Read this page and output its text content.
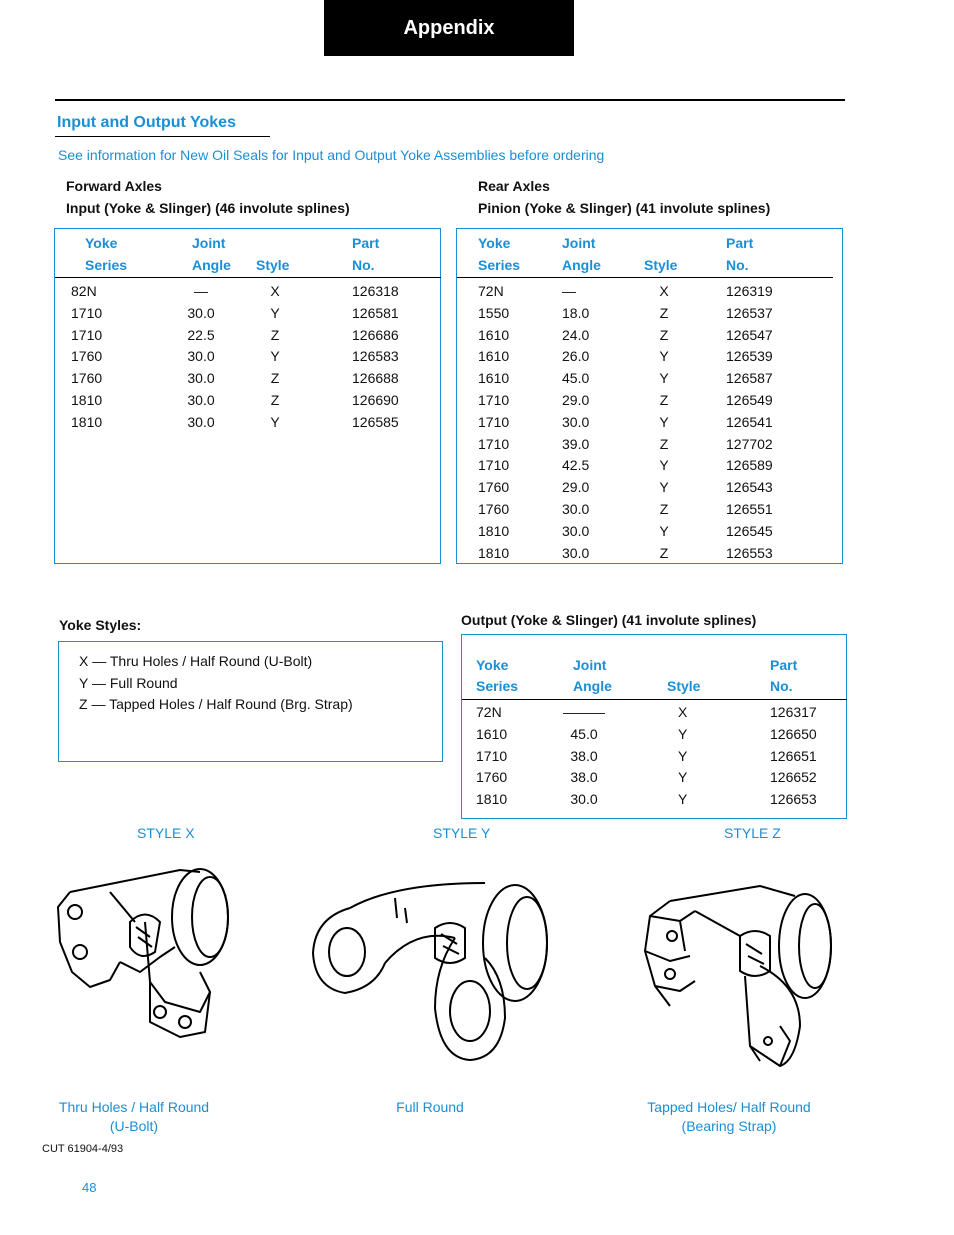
Appendix
Input and Output Yokes
See information for New Oil Seals for Input and Output Yoke Assemblies before ordering
Forward Axles
Input (Yoke & Slinger) (46 involute splines)
Yoke
Series
Joint
Angle Style
Part
No.
82N	—	X	126318
1710	30.0	Y	126581
1710	22.5	Z	126686
1760	30.0	Y	126583
1760	30.0	Z	126688
1810	30.0	Z	126690
1810	30.0	Y	126585
Rear Axles
Pinion (Yoke & Slinger) (41 involute splines)
Yoke
Series
Joint
Angle	Style
Part
No.
72N	—	X	126319
1550	18.0	Z	126537
1610	24.0	Z	126547
1610	26.0	Y	126539
1610	45.0	Y	126587
1710	29.0	Z	126549
1710	30.0	Y	126541
1710	39.0	Z	127702
1710	42.5	Y	126589
1760	29.0	Y	126543
1760	30.0	Z	126551
1810	30.0	Y	126545
1810	30.0	Z	126553
Yoke Styles:
X — Thru Holes / Half Round (U-Bolt)
Y — Full Round
Z — Tapped Holes / Half Round (Brg. Strap)
Output (Yoke & Slinger) (41 involute splines)
Yoke
Series
Joint
Angle	Style
Part
No.
72N	———	X	126317
1610	45.0	Y	126650
1710	38.0	Y	126651
1760	38.0	Y	126652
1810	30.0	Y	126653
STYLE X	STYLE Y	STYLE Z
Thru Holes / Half Round
(U-Bolt)
Full Round	Tapped Holes/ Half Round
(Bearing Strap)
CUT 61904-4/93
48
